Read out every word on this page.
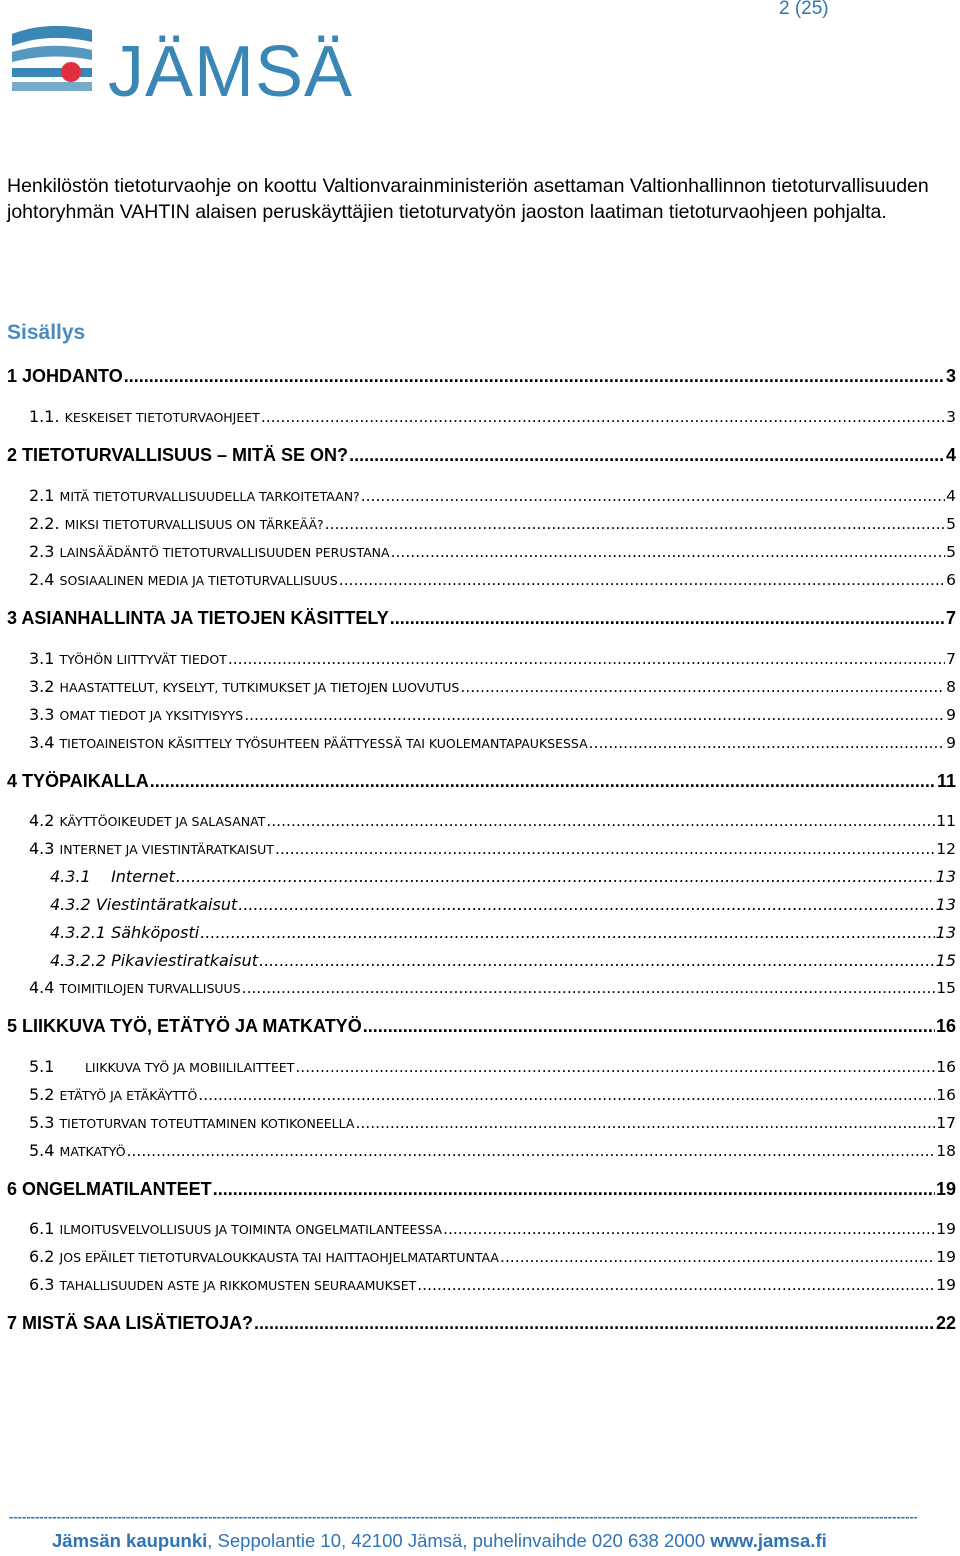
2 (25)
JÄMSÄ
Henkilöstön tietoturvaohje on koottu Valtionvarainministeriön asettaman Valtionhallinnon tietoturvallisuuden johtoryhmän VAHTIN alaisen peruskäyttäjien tietoturvatyön jaoston laatiman tietoturvaohjeen pohjalta.
Sisällys
1 JOHDANTO .....	3
1.1. KESKEISET TIETOTURVAOHJEET .....	3
2 TIETOTURVALLISUUS – MITÄ SE ON? .....	4
2.1 MITÄ TIETOTURVALLISUUDELLA TARKOITETAAN? .....	4
2.2. MIKSI TIETOTURVALLISUUS ON TÄRKEÄÄ? .....	5
2.3 LAINSÄÄDÄNTÖ TIETOTURVALLISUUDEN PERUSTANA .....	5
2.4 SOSIAALINEN MEDIA JA TIETOTURVALLISUUS .....	6
3 ASIANHALLINTA JA TIETOJEN KÄSITTELY .....	7
3.1 TYÖHÖN LIITTYVÄT TIEDOT .....	7
3.2 HAASTATTELUT, KYSELYT, TUTKIMUKSET JA TIETOJEN LUOVUTUS .....	8
3.3 OMAT TIEDOT JA YKSITYISYYS .....	9
3.4 TIETOAINEISTON KÄSITTELY TYÖSUHTEEN PÄÄTTYESSÄ TAI KUOLEMANTAPAUKSESSA .....	9
4 TYÖPAIKALLA .....	11
4.2 KÄYTTÖOIKEUDET JA SALASANAT .....	11
4.3 INTERNET JA VIESTINTÄRATKAISUT .....	12
4.3.1 Internet .....	13
4.3.2 Viestintäratkaisut .....	13
4.3.2.1 Sähköposti .....	13
4.3.2.2 Pikaviestiratkaisut .....	15
4.4 TOIMITILOJEN TURVALLISUUS .....	15
5 LIIKKUVA TYÖ, ETÄTYÖ JA MATKATYÖ .....	16
5.1 LIIKKUVA TYÖ JA MOBIILILAITTEET .....	16
5.2 ETÄTYÖ JA ETÄKÄYTTÖ .....	16
5.3 TIETOTURVAN TOTEUTTAMINEN KOTIKONEELLA .....	17
5.4 MATKATYÖ .....	18
6 ONGELMATILANTEET .....	19
6.1 ILMOITUSVELVOLLISUUS JA TOIMINTA ONGELMATILANTEESSA .....	19
6.2 JOS EPÄILET TIETOTURVALOUKKAUSTA TAI HAITTAOHJELMATARTUNTAA .....	19
6.3 TAHALLISUUDEN ASTE JA RIKKOMUSTEN SEURAAMUKSET .....	19
7 MISTÄ SAA LISÄTIETOJA? .....	22
-----
Jämsän kaupunki, Seppolantie 10, 42100 Jämsä, puhelinvaihde 020 638 2000 www.jamsa.fi
